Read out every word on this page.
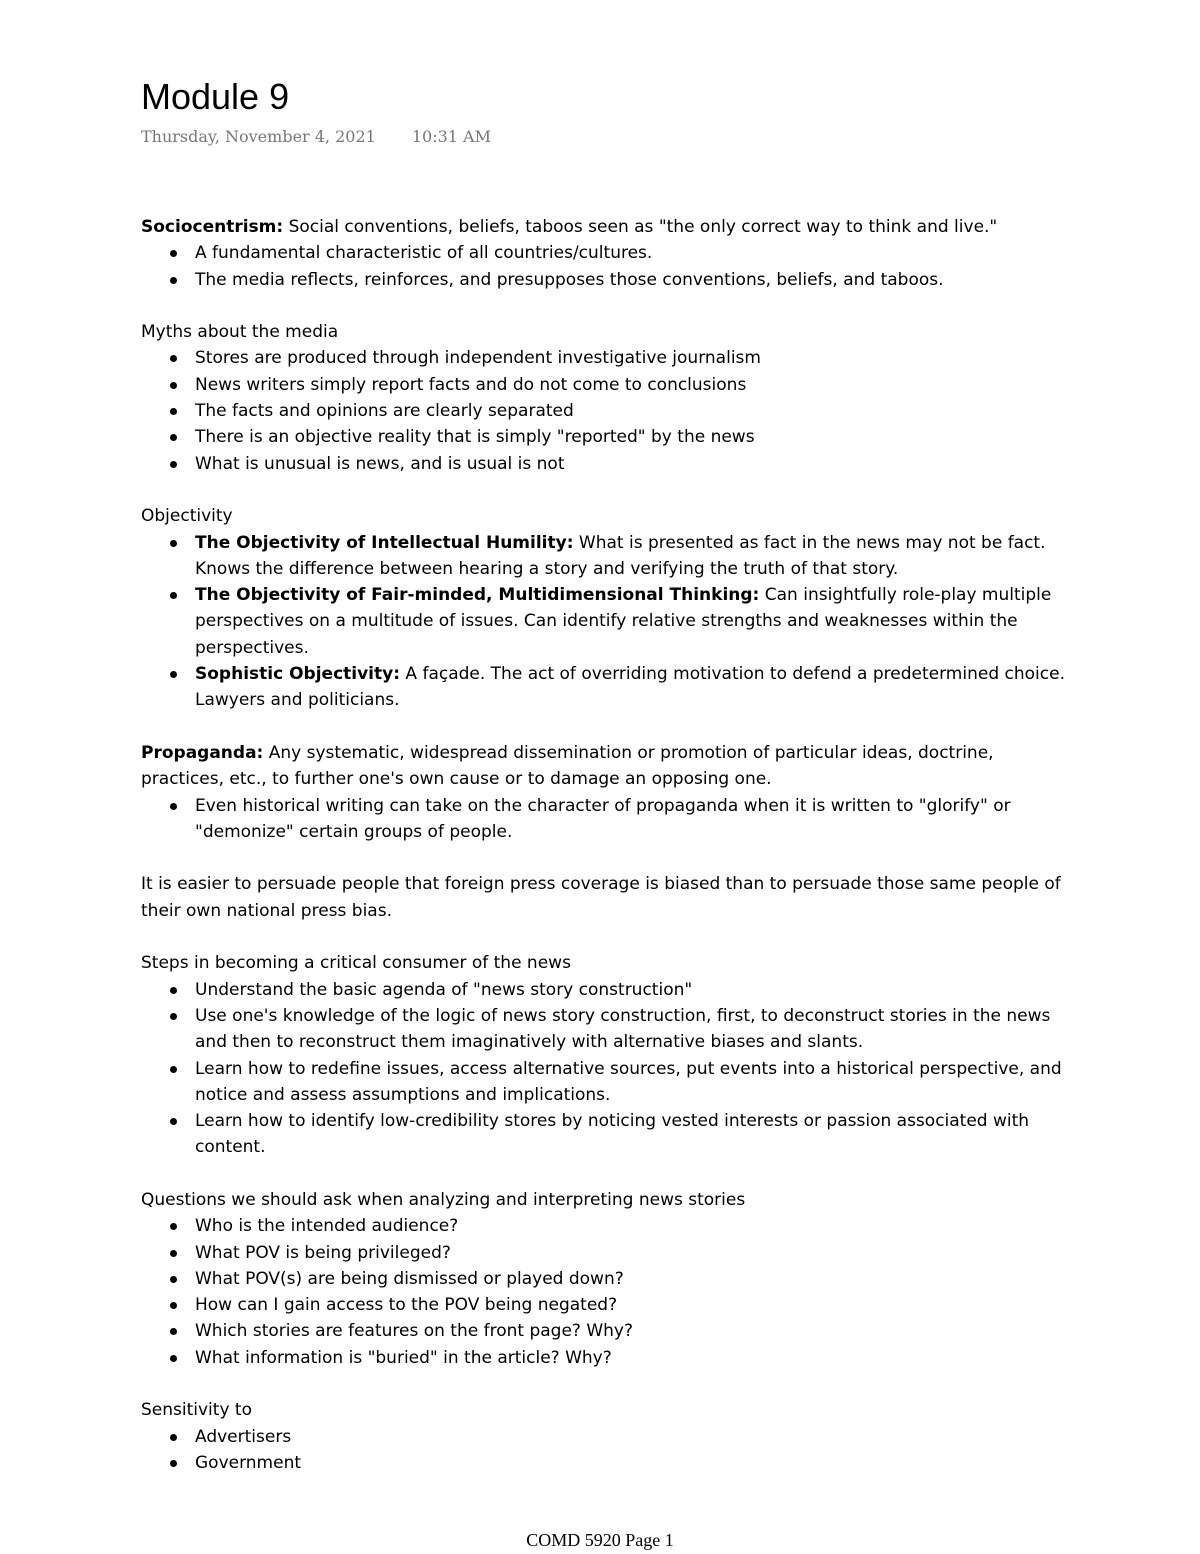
Module 9
Thursday, November 4, 2021 10:31 AM

Sociocentrism: Social conventions, beliefs, taboos seen as "the only correct way to think and live."

A fundamental characteristic of all countries/cultures.
The media reflects, reinforces, and presupposes those conventions, beliefs, and taboos.

Myths about the media

Stores are produced through independent investigative journalism
News writers simply report facts and do not come to conclusions
The facts and opinions are clearly separated
There is an objective reality that is simply "reported" by the news
What is unusual is news, and is usual is not

Objectivity

The Objectivity of Intellectual Humility: What is presented as fact in the news may not be fact. Knows the difference between hearing a story and verifying the truth of that story.
The Objectivity of Fair-minded, Multidimensional Thinking: Can insightfully role-play multiple perspectives on a multitude of issues. Can identify relative strengths and weaknesses within the perspectives.
Sophistic Objectivity: A façade. The act of overriding motivation to defend a predetermined choice. Lawyers and politicians.

Propaganda: Any systematic, widespread dissemination or promotion of particular ideas, doctrine, practices, etc., to further one's own cause or to damage an opposing one.

Even historical writing can take on the character of propaganda when it is written to "glorify" or "demonize" certain groups of people.

It is easier to persuade people that foreign press coverage is biased than to persuade those same people of their own national press bias.

Steps in becoming a critical consumer of the news

Understand the basic agenda of "news story construction"
Use one's knowledge of the logic of news story construction, first, to deconstruct stories in the news and then to reconstruct them imaginatively with alternative biases and slants.
Learn how to redefine issues, access alternative sources, put events into a historical perspective, and notice and assess assumptions and implications.
Learn how to identify low-credibility stores by noticing vested interests or passion associated with content.

Questions we should ask when analyzing and interpreting news stories

Who is the intended audience?
What POV is being privileged?
What POV(s) are being dismissed or played down?
How can I gain access to the POV being negated?
Which stories are features on the front page? Why?
What information is "buried" in the article? Why?

Sensitivity to

Advertisers
Government
COMD 5920 Page 1
